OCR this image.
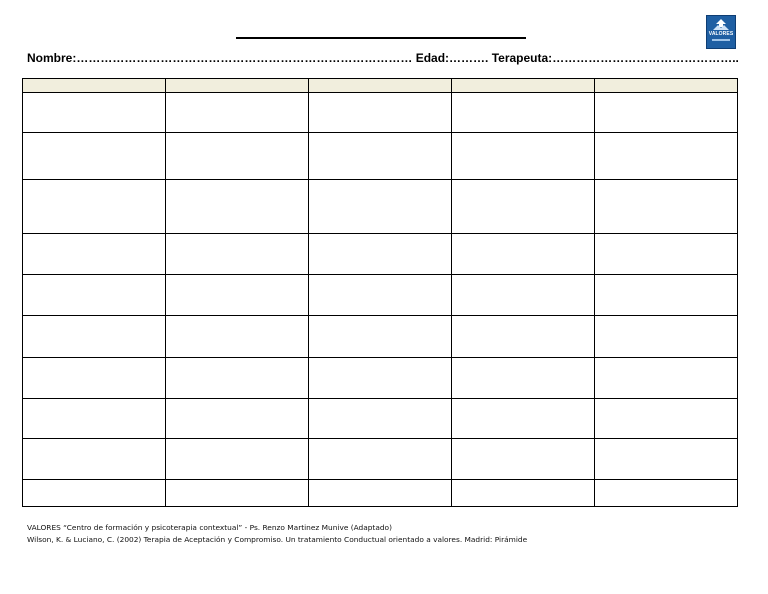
VALORES
Nombre:………………………………………………………………………… Edad:………. Terapeuta:………………………………………..

VALORES “Centro de formación y psicoterapia contextual” - Ps. Renzo Martinez Munive (Adaptado)
Wilson, K. & Luciano, C. (2002) Terapia de Aceptación y Compromiso. Un tratamiento Conductual orientado a valores. Madrid: Pirámide
